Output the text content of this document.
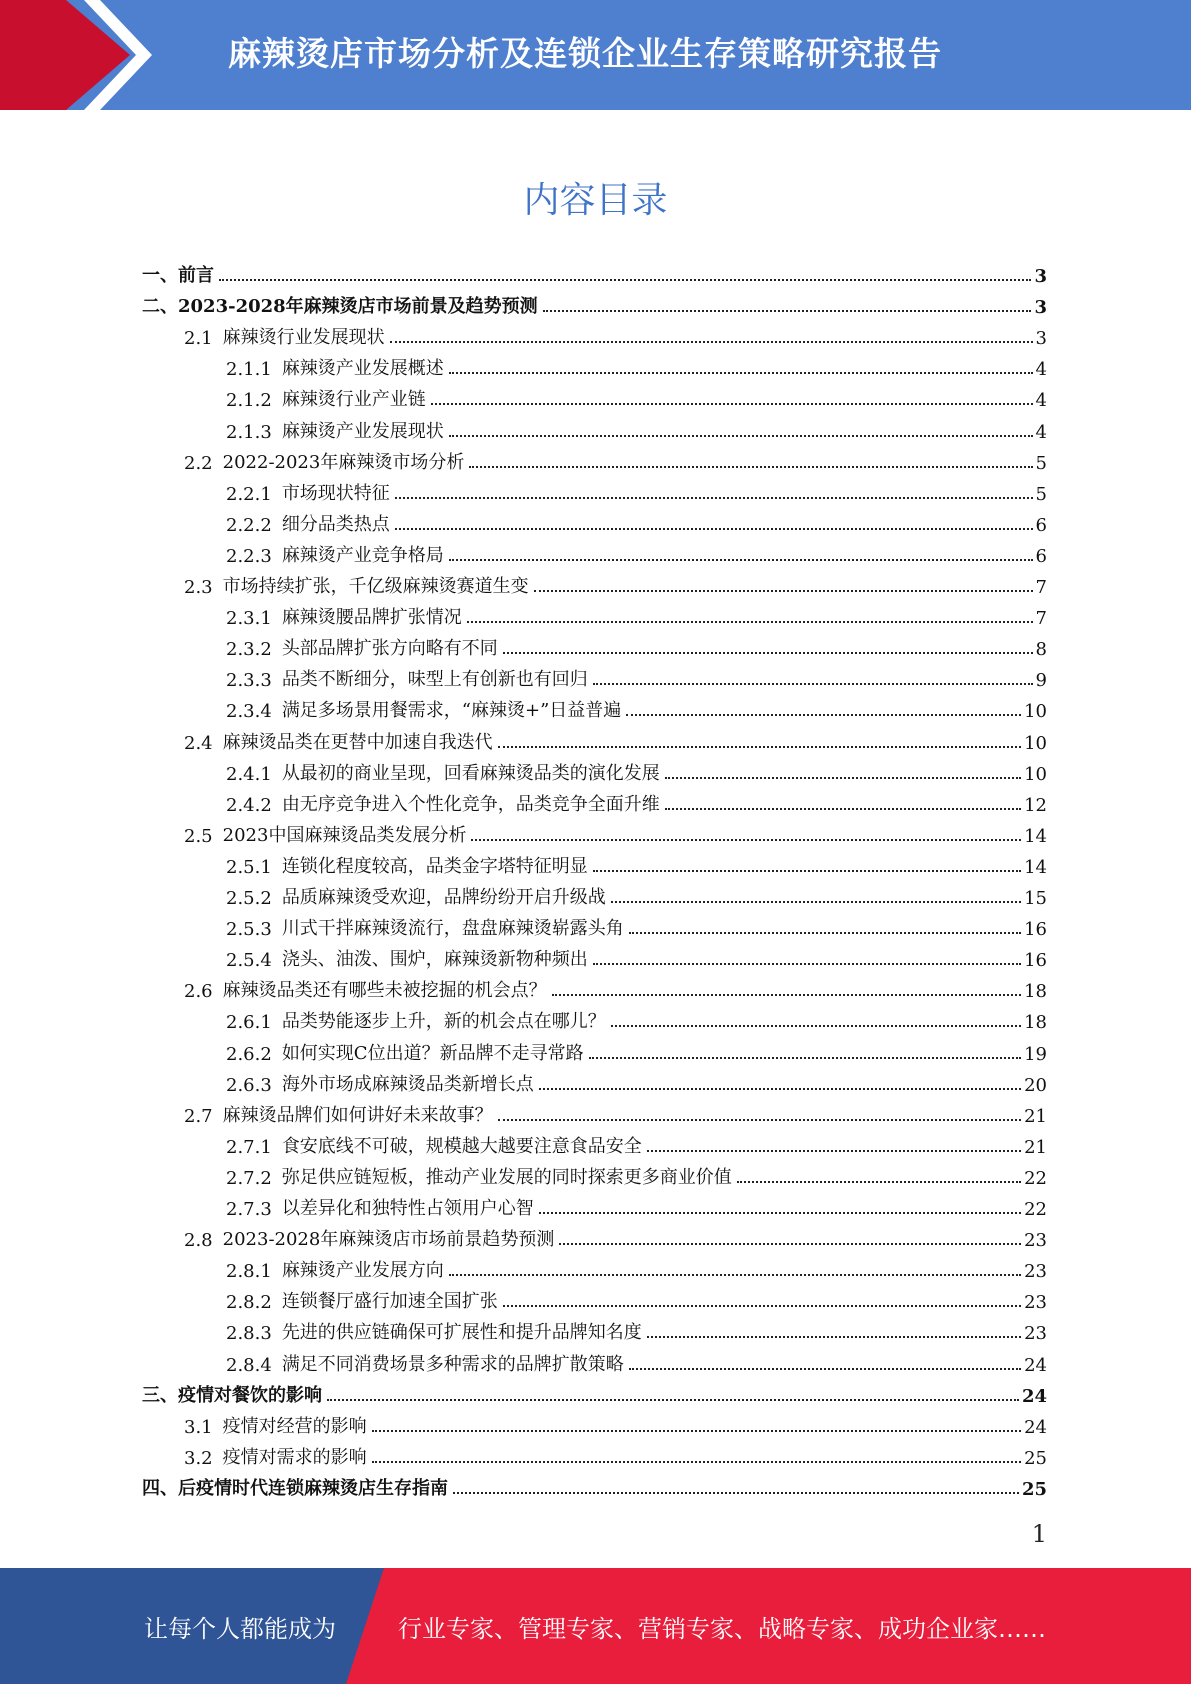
麻辣烫店市场分析及连锁企业生存策略研究报告
内容目录
一、 前言	3
二、 2023-2028年麻辣烫店市场前景及趋势预测	3
2.1 麻辣烫行业发展现状	3
2.1.1 麻辣烫产业发展概述	4
2.1.2 麻辣烫行业产业链	4
2.1.3 麻辣烫产业发展现状	4
2.2 2022-2023年麻辣烫市场分析	5
2.2.1 市场现状特征	5
2.2.2 细分品类热点	6
2.2.3 麻辣烫产业竞争格局	6
2.3 市场持续扩张，千亿级麻辣烫赛道生变	7
2.3.1 麻辣烫腰品牌扩张情况	7
2.3.2 头部品牌扩张方向略有不同	8
2.3.3 品类不断细分，味型上有创新也有回归	9
2.3.4 满足多场景用餐需求，“麻辣烫+”日益普遍	10
2.4 麻辣烫品类在更替中加速自我迭代	10
2.4.1 从最初的商业呈现，回看麻辣烫品类的演化发展	10
2.4.2 由无序竞争进入个性化竞争，品类竞争全面升维	12
2.5 2023中国麻辣烫品类发展分析	14
2.5.1 连锁化程度较高，品类金字塔特征明显	14
2.5.2 品质麻辣烫受欢迎，品牌纷纷开启升级战	15
2.5.3 川式干拌麻辣烫流行，盘盘麻辣烫崭露头角	16
2.5.4 浇头、油泼、围炉，麻辣烫新物种频出	16
2.6 麻辣烫品类还有哪些未被挖掘的机会点？	18
2.6.1 品类势能逐步上升，新的机会点在哪儿？	18
2.6.2 如何实现C位出道？新品牌不走寻常路	19
2.6.3 海外市场成麻辣烫品类新增长点	20
2.7 麻辣烫品牌们如何讲好未来故事？	21
2.7.1 食安底线不可破，规模越大越要注意食品安全	21
2.7.2 弥足供应链短板，推动产业发展的同时探索更多商业价值	22
2.7.3 以差异化和独特性占领用户心智	22
2.8 2023-2028年麻辣烫店市场前景趋势预测	23
2.8.1 麻辣烫产业发展方向	23
2.8.2 连锁餐厅盛行加速全国扩张	23
2.8.3 先进的供应链确保可扩展性和提升品牌知名度	23
2.8.4 满足不同消费场景多种需求的品牌扩散策略	24
三、 疫情对餐饮的影响	24
3.1 疫情对经营的影响	24
3.2 疫情对需求的影响	25
四、 后疫情时代连锁麻辣烫店生存指南	25
1
让每个人都能成为	行业专家、管理专家、营销专家、战略专家、成功企业家……
